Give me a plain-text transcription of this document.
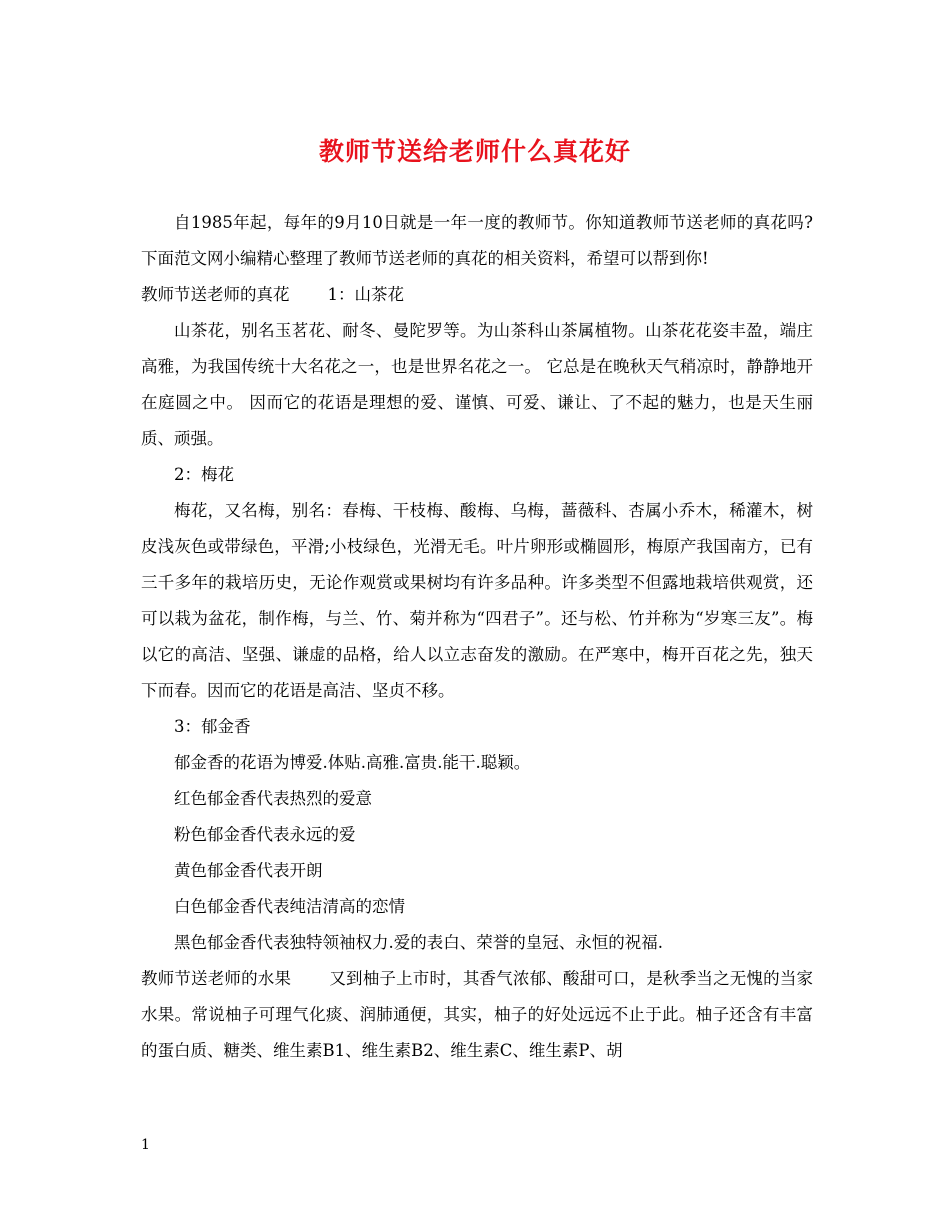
教师节送给老师什么真花好

自1985年起，每年的9月10日就是一年一度的教师节。你知道教师节送老师的真花吗?下面范文网小编精心整理了教师节送老师的真花的相关资料，希望可以帮到你!

教师节送老师的真花 1：山茶花

山茶花，别名玉茗花、耐冬、曼陀罗等。为山茶科山茶属植物。山茶花花姿丰盈，端庄高雅，为我国传统十大名花之一，也是世界名花之一。 它总是在晚秋天气稍凉时，静静地开在庭圆之中。 因而它的花语是理想的爱、谨慎、可爱、谦让、了不起的魅力，也是天生丽质、顽强。

2：梅花

梅花，又名梅，别名：春梅、干枝梅、酸梅、乌梅，蔷薇科、杏属小乔木，稀灌木，树皮浅灰色或带绿色，平滑;小枝绿色，光滑无毛。叶片卵形或椭圆形，梅原产我国南方，已有三千多年的栽培历史，无论作观赏或果树均有许多品种。许多类型不但露地栽培供观赏，还可以栽为盆花，制作梅，与兰、竹、菊并称为“四君子”。还与松、竹并称为“岁寒三友”。梅以它的高洁、坚强、谦虚的品格，给人以立志奋发的激励。在严寒中，梅开百花之先，独天下而春。因而它的花语是高洁、坚贞不移。

3：郁金香

郁金香的花语为博爱.体贴.高雅.富贵.能干.聪颖。

红色郁金香代表热烈的爱意

粉色郁金香代表永远的爱

黄色郁金香代表开朗

白色郁金香代表纯洁清高的恋情

黑色郁金香代表独特领袖权力.爱的表白、荣誉的皇冠、永恒的祝福.

教师节送老师的水果 又到柚子上市时，其香气浓郁、酸甜可口，是秋季当之无愧的当家水果。常说柚子可理气化痰、润肺通便，其实，柚子的好处远远不止于此。柚子还含有丰富的蛋白质、糖类、维生素B1、维生素B2、维生素C、维生素P、胡

1
